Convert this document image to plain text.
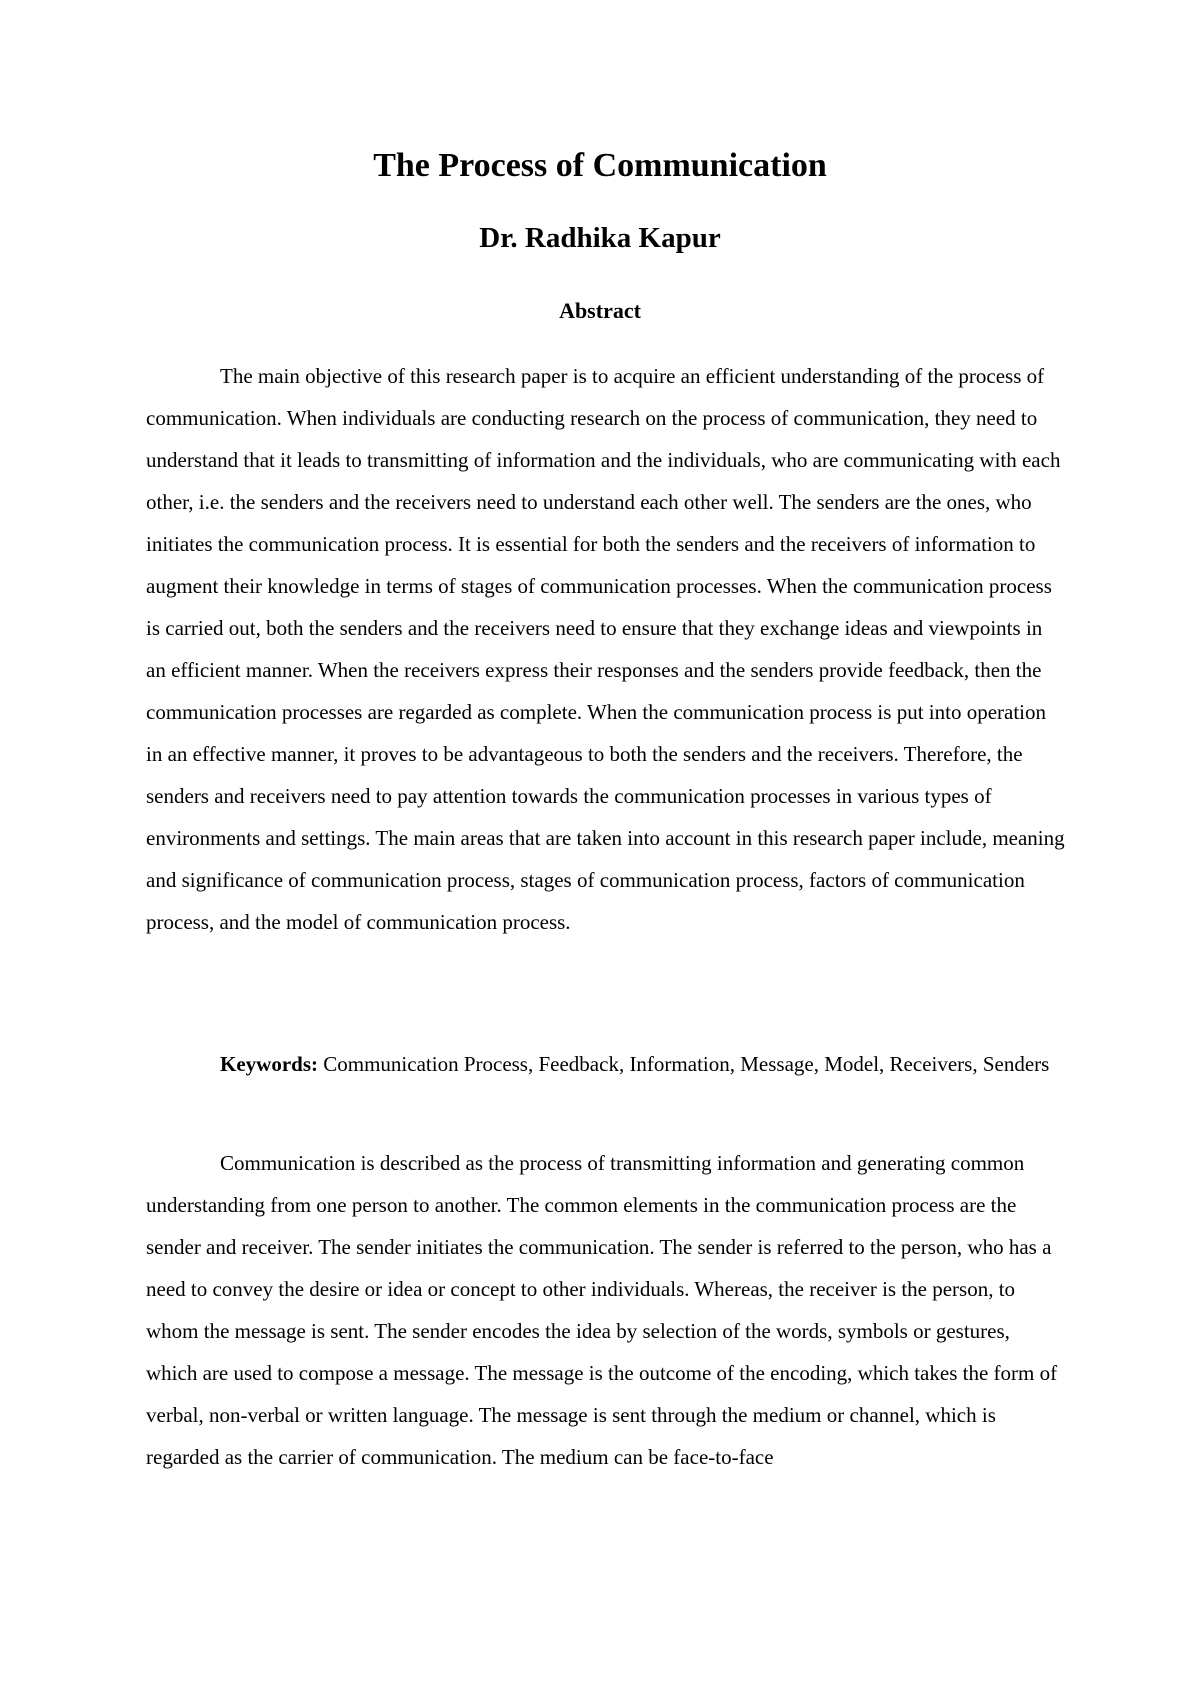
The Process of Communication
Dr. Radhika Kapur
Abstract

The main objective of this research paper is to acquire an efficient understanding of the process of communication. When individuals are conducting research on the process of communication, they need to understand that it leads to transmitting of information and the individuals, who are communicating with each other, i.e. the senders and the receivers need to understand each other well. The senders are the ones, who initiates the communication process. It is essential for both the senders and the receivers of information to augment their knowledge in terms of stages of communication processes. When the communication process is carried out, both the senders and the receivers need to ensure that they exchange ideas and viewpoints in an efficient manner. When the receivers express their responses and the senders provide feedback, then the communication processes are regarded as complete. When the communication process is put into operation in an effective manner, it proves to be advantageous to both the senders and the receivers. Therefore, the senders and receivers need to pay attention towards the communication processes in various types of environments and settings. The main areas that are taken into account in this research paper include, meaning and significance of communication process, stages of communication process, factors of communication process, and the model of communication process.

Keywords: Communication Process, Feedback, Information, Message, Model, Receivers, Senders

Communication is described as the process of transmitting information and generating common understanding from one person to another. The common elements in the communication process are the sender and receiver. The sender initiates the communication. The sender is referred to the person, who has a need to convey the desire or idea or concept to other individuals. Whereas, the receiver is the person, to whom the message is sent. The sender encodes the idea by selection of the words, symbols or gestures, which are used to compose a message. The message is the outcome of the encoding, which takes the form of verbal, non-verbal or written language. The message is sent through the medium or channel, which is regarded as the carrier of communication. The medium can be face-to-face
